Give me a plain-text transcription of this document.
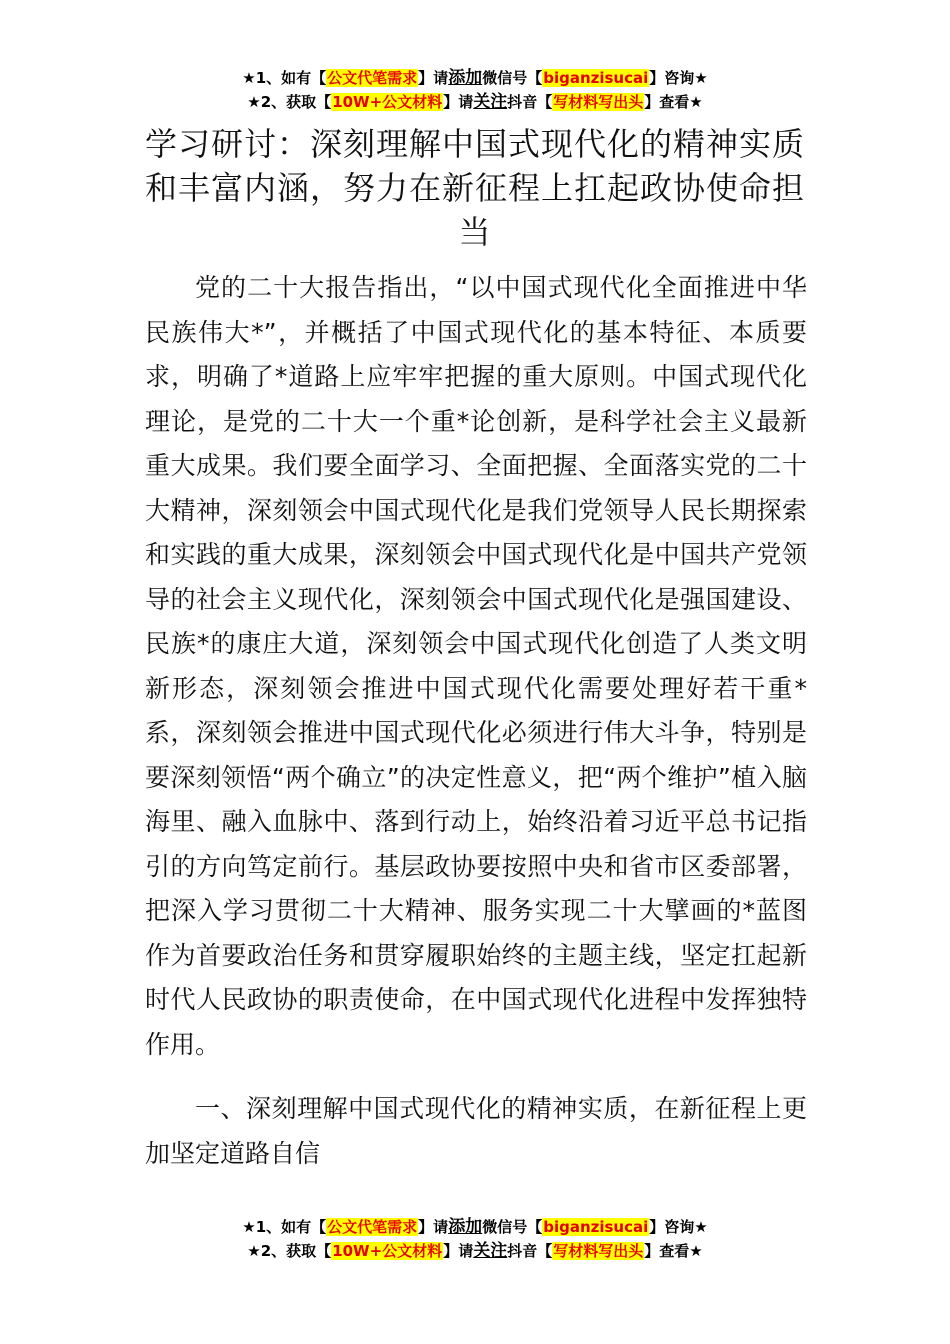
★1、如有【公文代笔需求】请添加微信号【biganzisucai】咨询★
★2、获取【10W+公文材料】请关注抖音【写材料写出头】查看★
学习研讨：深刻理解中国式现代化的精神实质和丰富内涵，努力在新征程上扛起政协使命担当

党的二十大报告指出，“以中国式现代化全面推进中华民族伟大*”，并概括了中国式现代化的基本特征、本质要求，明确了*道路上应牢牢把握的重大原则。中国式现代化理论，是党的二十大一个重*论创新，是科学社会主义最新重大成果。我们要全面学习、全面把握、全面落实党的二十大精神，深刻领会中国式现代化是我们党领导人民长期探索和实践的重大成果，深刻领会中国式现代化是中国共产党领导的社会主义现代化，深刻领会中国式现代化是强国建设、民族*的康庄大道，深刻领会中国式现代化创造了人类文明新形态，深刻领会推进中国式现代化需要处理好若干重*系，深刻领会推进中国式现代化必须进行伟大斗争，特别是要深刻领悟“两个确立”的决定性意义，把“两个维护”植入脑海里、融入血脉中、落到行动上，始终沿着习近平总书记指引的方向笃定前行。基层政协要按照中央和省市区委部署，把深入学习贯彻二十大精神、服务实现二十大擘画的*蓝图作为首要政治任务和贯穿履职始终的主题主线，坚定扛起新时代人民政协的职责使命，在中国式现代化进程中发挥独特作用。

一、深刻理解中国式现代化的精神实质，在新征程上更加坚定道路自信

★1、如有【公文代笔需求】请添加微信号【biganzisucai】咨询★
★2、获取【10W+公文材料】请关注抖音【写材料写出头】查看★
